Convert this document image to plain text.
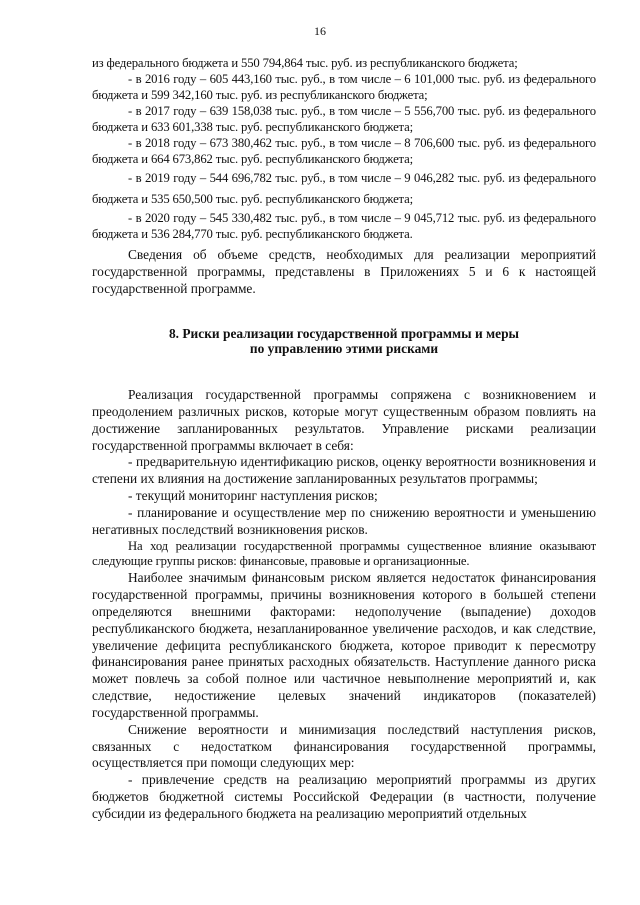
16

из федерального бюджета и 550 794,864 тыс. руб. из республиканского бюджета;

- в 2016 году – 605 443,160 тыс. руб., в том числе – 6 101,000 тыс. руб. из федерального бюджета и 599 342,160 тыс. руб. из республиканского бюджета;

- в 2017 году – 639 158,038 тыс. руб., в том числе – 5 556,700 тыс. руб. из федерального бюджета и 633 601,338 тыс. руб. республиканского бюджета;

- в 2018 году – 673 380,462 тыс. руб., в том числе – 8 706,600 тыс. руб. из федерального бюджета и 664 673,862 тыс. руб. республиканского бюджета;

- в 2019 году – 544 696,782 тыс. руб., в том числе – 9 046,282 тыс. руб. из федерального бюджета и 535 650,500 тыс. руб. республиканского бюджета;

- в 2020 году – 545 330,482 тыс. руб., в том числе – 9 045,712 тыс. руб. из федерального бюджета и 536 284,770 тыс. руб. республиканского бюджета.

Сведения об объеме средств, необходимых для реализации мероприятий государственной программы, представлены в Приложениях 5 и 6 к настоящей государственной программе.

8. Риски реализации государственной программы и меры
по управлению этими рисками

Реализация государственной программы сопряжена с возникновением и преодолением различных рисков, которые могут существенным образом повлиять на достижение запланированных результатов. Управление рисками реализации государственной программы включает в себя:

- предварительную идентификацию рисков, оценку вероятности возникновения и степени их влияния на достижение запланированных результатов программы;

- текущий мониторинг наступления рисков;

- планирование и осуществление мер по снижению вероятности и уменьшению негативных последствий возникновения рисков.

На ход реализации государственной программы существенное влияние оказывают следующие группы рисков: финансовые, правовые и организационные.

Наиболее значимым финансовым риском является недостаток финансирования государственной программы, причины возникновения которого в большей степени определяются внешними факторами: недополучение (выпадение) доходов республиканского бюджета, незапланированное увеличение расходов, и как следствие, увеличение дефицита республиканского бюджета, которое приводит к пересмотру финансирования ранее принятых расходных обязательств. Наступление данного риска может повлечь за собой полное или частичное невыполнение мероприятий и, как следствие, недостижение целевых значений индикаторов (показателей) государственной программы.

Снижение вероятности и минимизация последствий наступления рисков, связанных с недостатком финансирования государственной программы, осуществляется при помощи следующих мер:

- привлечение средств на реализацию мероприятий программы из других бюджетов бюджетной системы Российской Федерации (в частности, получение субсидии из федерального бюджета на реализацию мероприятий отдельных
